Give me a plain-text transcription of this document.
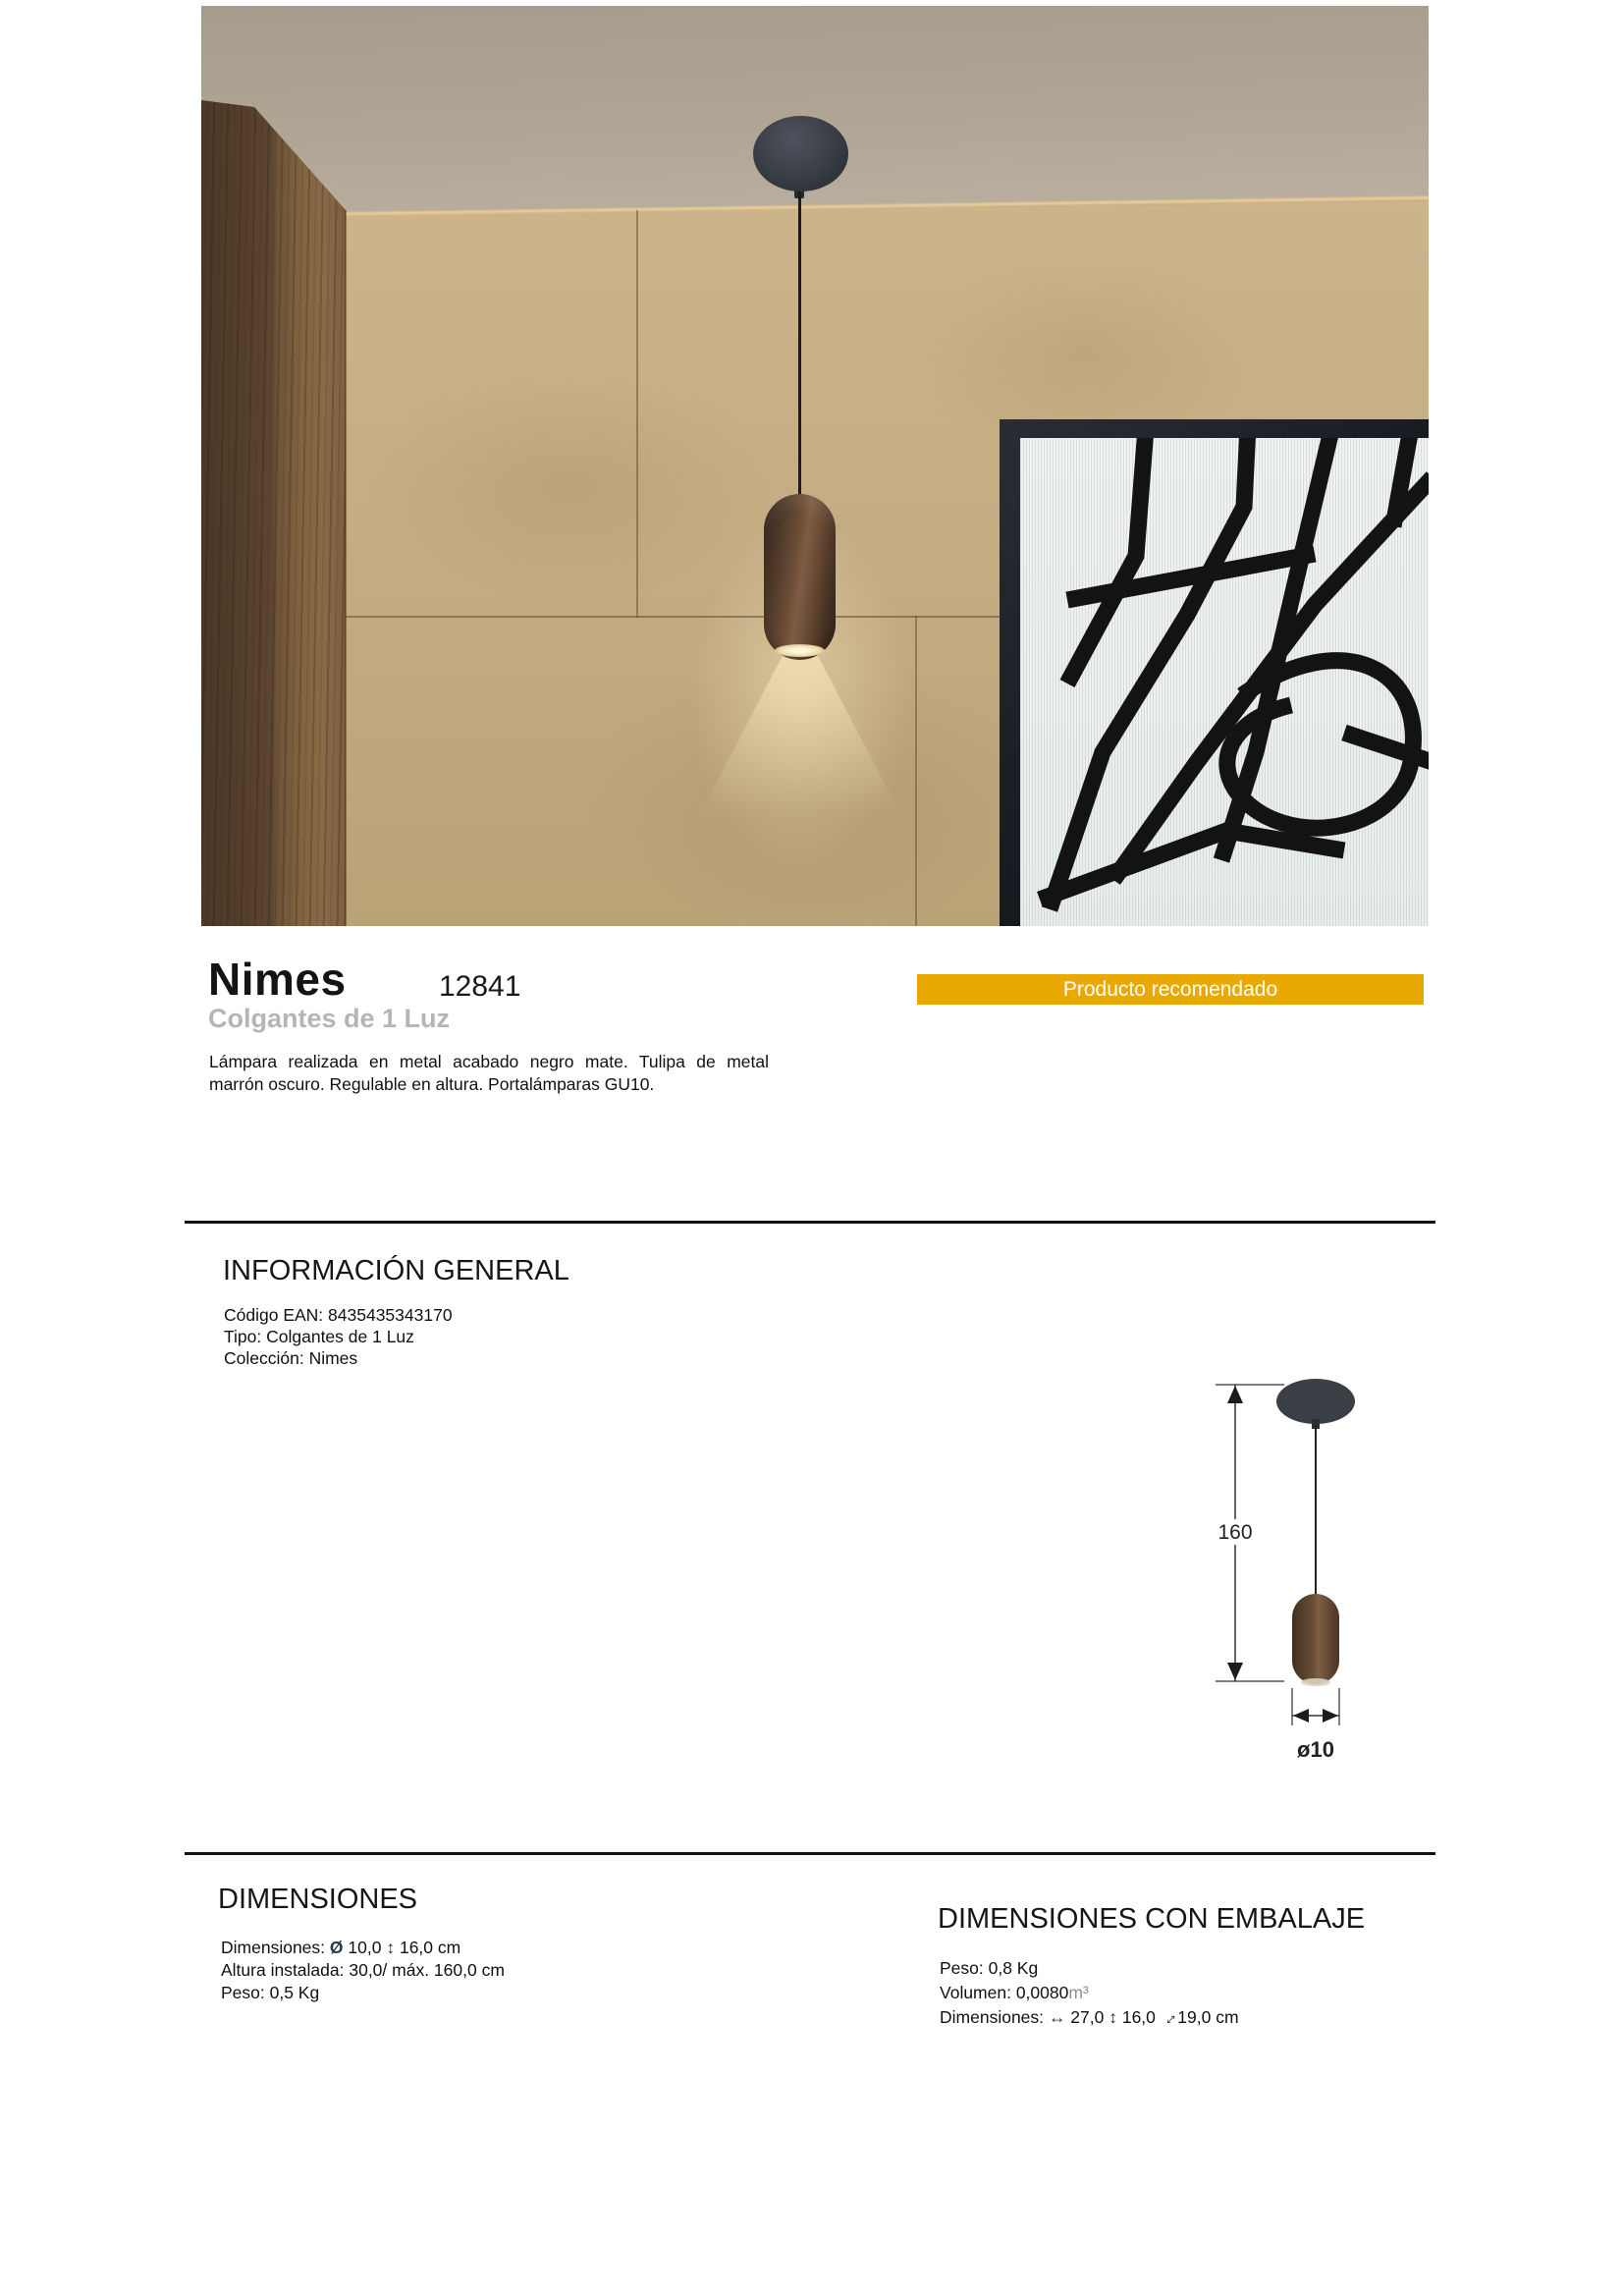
Nimes	12841
Colgantes de 1 Luz
Producto recomendado
Lámpara realizada en metal acabado negro mate. Tulipa de metal marrón oscuro. Regulable en altura. Portalámparas GU10.
INFORMACIÓN GENERAL
Código EAN: 8435435343170
Tipo: Colgantes de 1 Luz
Colección: Nimes
160
ø10
DIMENSIONES
Dimensiones: Ø 10,0 ↕ 16,0 cm
Altura instalada: 30,0/ máx. 160,0 cm
Peso: 0,5 Kg
DIMENSIONES CON EMBALAJE
Peso: 0,8 Kg
Volumen: 0,0080m³
Dimensiones: ↔ 27,0 ↕ 16,0 ↔19,0 cm
